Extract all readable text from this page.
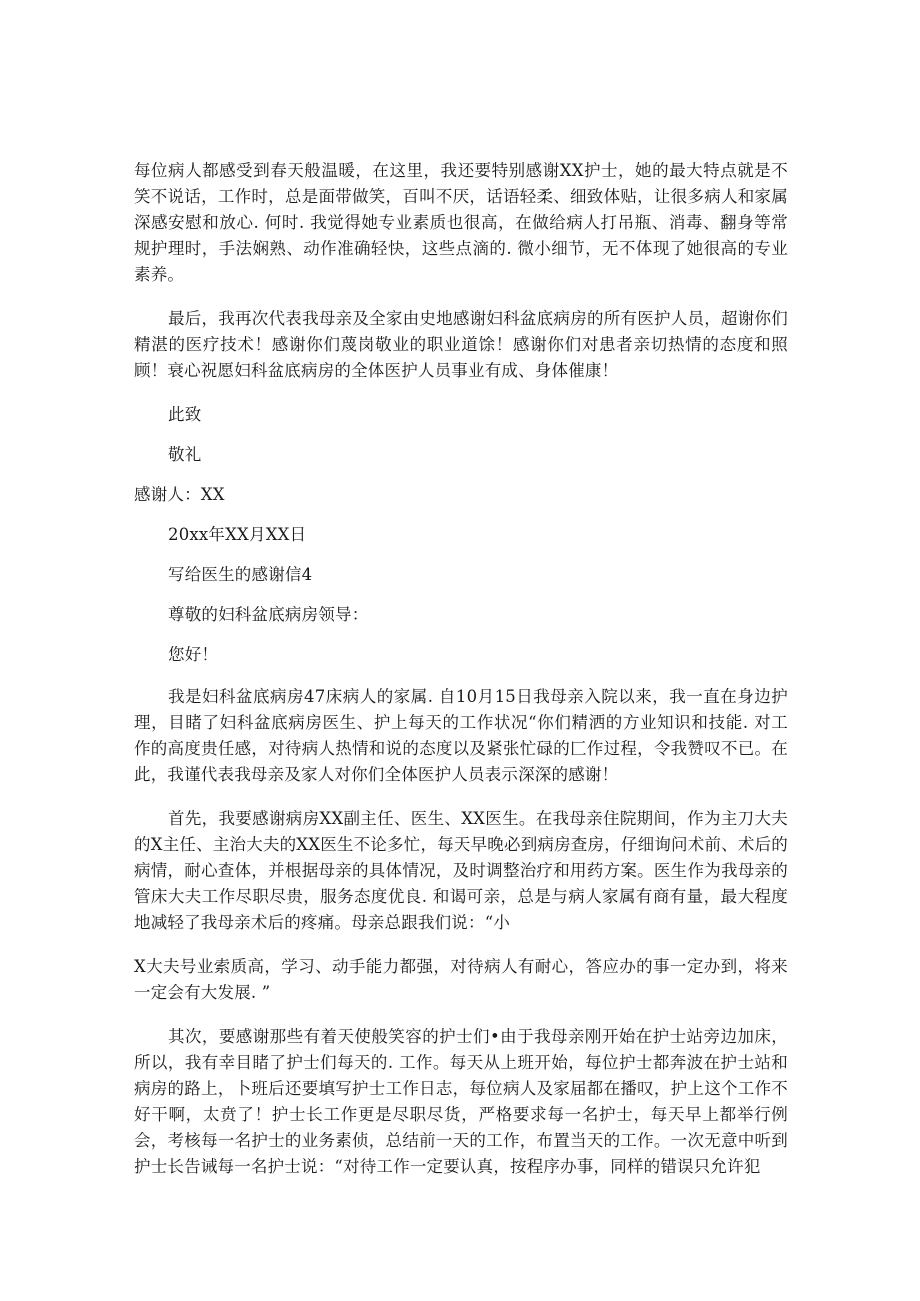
每位病人都感受到春天般温暖，在这里，我还要特别感谢XX护士，她的最大特点就是不笑不说话，工作时，总是面带做笑，百叫不厌，话语轻柔、细致体贴，让很多病人和家属深感安慰和放心. 何时. 我觉得她专业素质也很高，在做给病人打吊瓶、消毒、翻身等常规护理时，手法娴熟、动作准确轻快，这些点滴的. 微小细节，无不体现了她很高的专业素养。

最后，我再次代表我母亲及全家由史地感谢妇科盆底病房的所有医护人员，超谢你们精湛的医疗技术！感谢你们蔑岗敬业的职业道馀！感谢你们对患者亲切热情的态度和照顾！衰心祝愿妇科盆底病房的全体医护人员事业有成、身体催康！

此致

敬礼

感谢人：XX

20xx年XX月XX日

写给医生的感谢信4

尊敬的妇科盆底病房领导：

您好！

我是妇科盆底病房47床病人的家属. 自10月15日我母亲入院以来，我一直在身边护理，目睹了妇科盆底病房医生、护上每天的工作状况“你们精洒的方业知识和技能. 对工作的高度贵任感，对待病人热情和说的态度以及紧张忙碌的匚作过程，令我赞叹不已。在此，我谨代表我母亲及家人对你们全体医护人员表示深深的感谢！

首先，我要感谢病房XX副主任、医生、XX医生。在我母亲住院期间，作为主刀大夫的X主任、主治大夫的XX医生不论多忙，每天早晚必到病房查房，仔细询问术前、术后的病情，耐心查体，并根据母亲的具体情况，及时调整治疗和用药方案。医生作为我母亲的管床大夫工作尽职尽贵，服务态度优良. 和谒可亲，总是与病人家属有商有量，最大程度地减轻了我母亲术后的疼痛。母亲总跟我们说：“小

X大夫号业索质高，学习、动手能力都强，对待病人有耐心，答应办的事一定办到，将来一定会有大发展. ”

其次，要感谢那些有着天使般笑容的护士们•由于我母亲刚开始在护士站旁边加床，所以，我有幸目睹了护士们每天的. 工作。每天从上班开始，每位护士都奔波在护士站和病房的路上，卜班后还要填写护士工作日志，每位病人及家届都在播叹，护上这个工作不好干啊，太贲了！护士长工作更是尽职尽货，严格要求每一名护士，每天早上都举行例会，考核每一名护士的业务素侦，总结前一天的工作，布置当天的工作。一次无意中听到护士长告诫每一名护士说：“对待工作一定要认真，按程序办事，同样的错误只允许犯
